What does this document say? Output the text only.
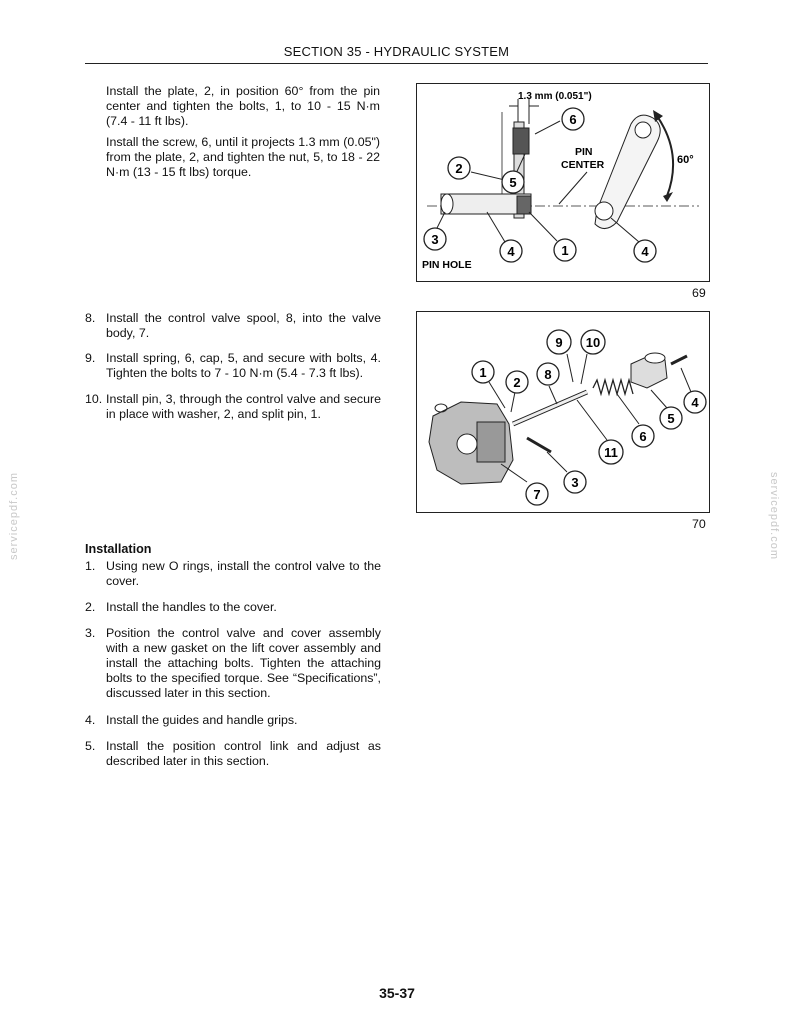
SECTION 35 - HYDRAULIC SYSTEM

Install the plate, 2, in position 60° from the pin center and tighten the bolts, 1, to 10 - 15 N·m (7.4 - 11 ft lbs).

Install the screw, 6, until it projects 1.3 mm (0.05") from the plate, 2, and tighten the nut, 5, to 18 - 22 N·m (13 - 15 ft lbs) torque.

8. Install the control valve spool, 8, into the valve body, 7.
9. Install spring, 6, cap, 5, and secure with bolts, 4. Tighten the bolts to 7 - 10 N·m (5.4 - 7.3 ft lbs).
10. Install pin, 3, through the control valve and secure in place with washer, 2, and split pin, 1.
Installation
1. Using new O rings, install the control valve to the cover.
2. Install the handles to the cover.
3. Position the control valve and cover assembly with a new gasket on the lift cover assembly and install the attaching bolts. Tighten the attaching bolts to the specified torque. See “Specifications”, discussed later in this section.
4. Install the guides and handle grips.
5. Install the position control link and adjust as described later in this section.
1.3 mm (0.051")
60°
PIN
CENTER
6
2
5
3
4	1	4
PIN HOLE
69
9 10
1
2
8
4
5
6
11
3
7
70
servicepdf.com	servicepdf.com
35-37
